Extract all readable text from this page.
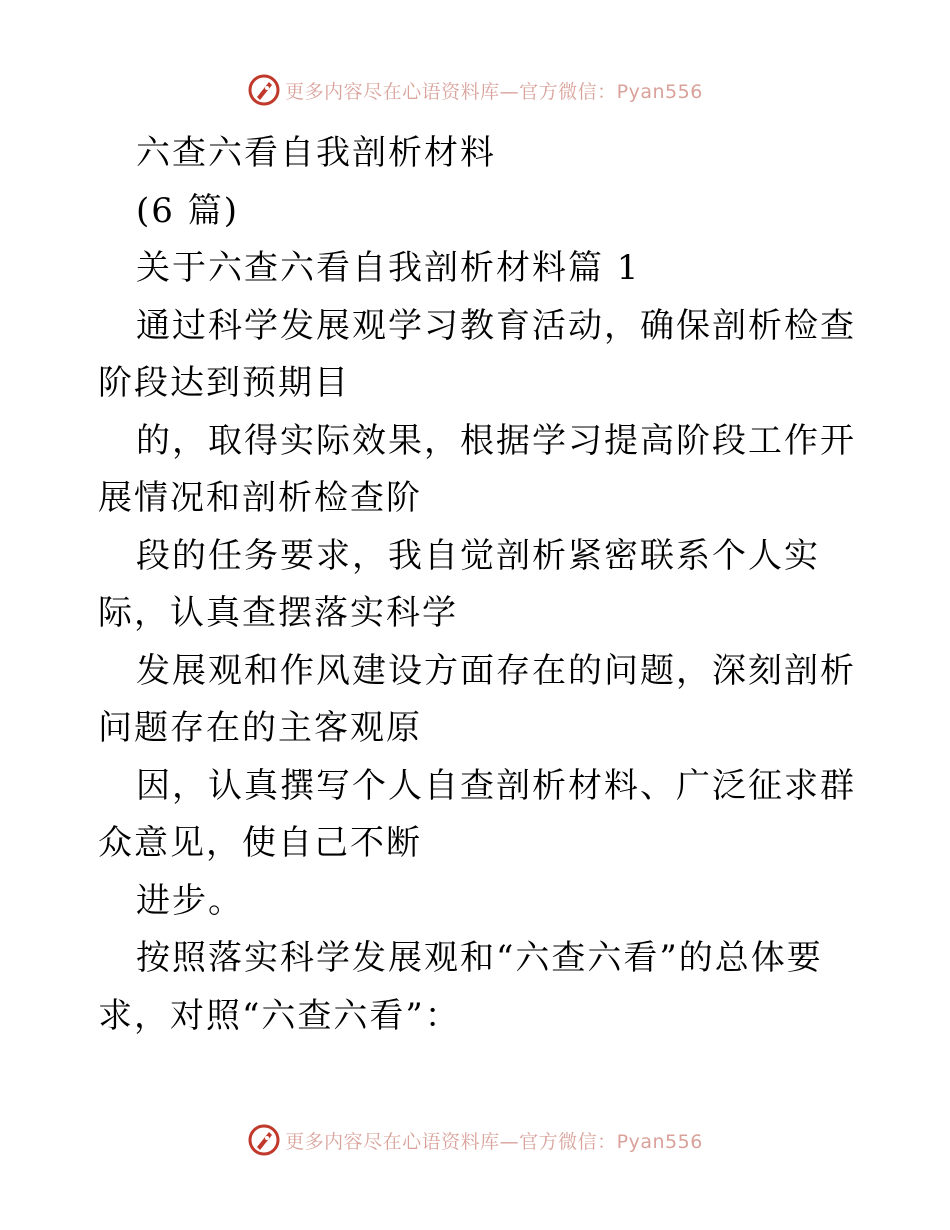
更多内容尽在心语资料库—官方微信：Pyan556

六查六看自我剖析材料

(6 篇)

关于六查六看自我剖析材料篇 1

通过科学发展观学习教育活动，确保剖析检查阶段达到预期目

的，取得实际效果，根据学习提高阶段工作开展情况和剖析检查阶

段的任务要求，我自觉剖析紧密联系个人实际，认真查摆落实科学

发展观和作风建设方面存在的问题，深刻剖析问题存在的主客观原

因，认真撰写个人自查剖析材料、广泛征求群众意见，使自己不断

进步。

按照落实科学发展观和“六查六看”的总体要求，对照“六查六看”：

更多内容尽在心语资料库—官方微信：Pyan556
